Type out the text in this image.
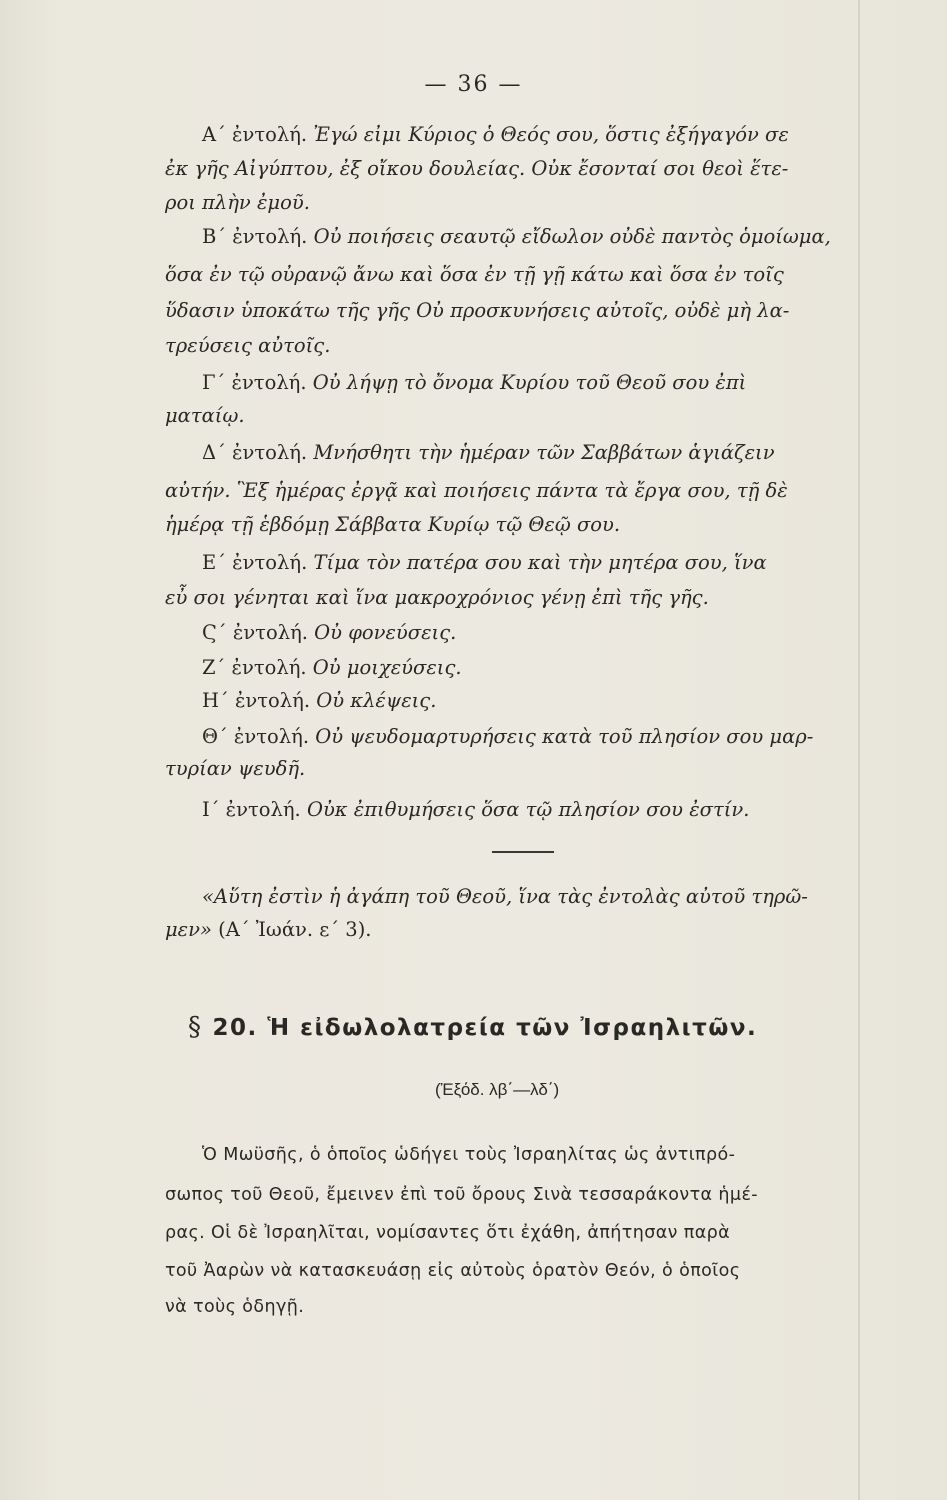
— 36 —
Α΄ ἐντολή. Ἐγώ εἰμι Κύριος ὁ Θεός σου, ὅστις ἐξήγαγόν σε
ἐκ γῆς Αἰγύπτου, ἐξ οἴκου δουλείας. Οὐκ ἔσονταί σοι θεοὶ ἕτε-
ροι πλὴν ἐμοῦ.
Β΄ ἐντολή. Οὐ ποιήσεις σεαυτῷ εἴδωλον οὐδὲ παντὸς ὁμοίωμα,
ὅσα ἐν τῷ οὐρανῷ ἄνω καὶ ὅσα ἐν τῇ γῇ κάτω καὶ ὅσα ἐν τοῖς
ὕδασιν ὑποκάτω τῆς γῆς Οὐ προσκυνήσεις αὐτοῖς, οὐδὲ μὴ λα-
τρεύσεις αὐτοῖς.
Γ΄ ἐντολή. Οὐ λήψῃ τὸ ὄνομα Κυρίου τοῦ Θεοῦ σου ἐπὶ
ματαίῳ.
Δ΄ ἐντολή. Μνήσθητι τὴν ἡμέραν τῶν Σαββάτων ἁγιάζειν
αὐτήν. Ἓξ ἡμέρας ἐργᾷ καὶ ποιήσεις πάντα τὰ ἔργα σου, τῇ δὲ
ἡμέρᾳ τῇ ἑβδόμῃ Σάββατα Κυρίῳ τῷ Θεῷ σου.
Ε΄ ἐντολή. Τίμα τὸν πατέρα σου καὶ τὴν μητέρα σου, ἵνα
εὖ σοι γένηται καὶ ἵνα μακροχρόνιος γένῃ ἐπὶ τῆς γῆς.
Ϛ΄ ἐντολή. Οὐ φονεύσεις.
Ζ΄ ἐντολή. Οὐ μοιχεύσεις.
Η΄ ἐντολή. Οὐ κλέψεις.
Θ΄ ἐντολή. Οὐ ψευδομαρτυρήσεις κατὰ τοῦ πλησίον σου μαρ-
τυρίαν ψευδῆ.
Ι΄ ἐντολή. Οὐκ ἐπιθυμήσεις ὅσα τῷ πλησίον σου ἐστίν.
«Αὕτη ἐστὶν ἡ ἀγάπη τοῦ Θεοῦ, ἵνα τὰς ἐντολὰς αὐτοῦ τηρῶ-
μεν» (Α΄ Ἰωάν. ε΄ 3).
§ 20. Ἡ εἰδωλολατρεία τῶν Ἰσραηλιτῶν.
(Ἐξόδ. λβ΄—λδ΄)
Ὁ Μωϋσῆς, ὁ ὁποῖος ὡδήγει τοὺς Ἰσραηλίτας ὡς ἀντιπρό-
σωπος τοῦ Θεοῦ, ἔμεινεν ἐπὶ τοῦ ὄρους Σινὰ τεσσαράκοντα ἡμέ-
ρας. Οἱ δὲ Ἰσραηλῖται, νομίσαντες ὅτι ἐχάθη, ἀπήτησαν παρὰ
τοῦ Ἀαρὼν νὰ κατασκευάσῃ εἰς αὐτοὺς ὁρατὸν Θεόν, ὁ ὁποῖος
νὰ τοὺς ὁδηγῇ.
